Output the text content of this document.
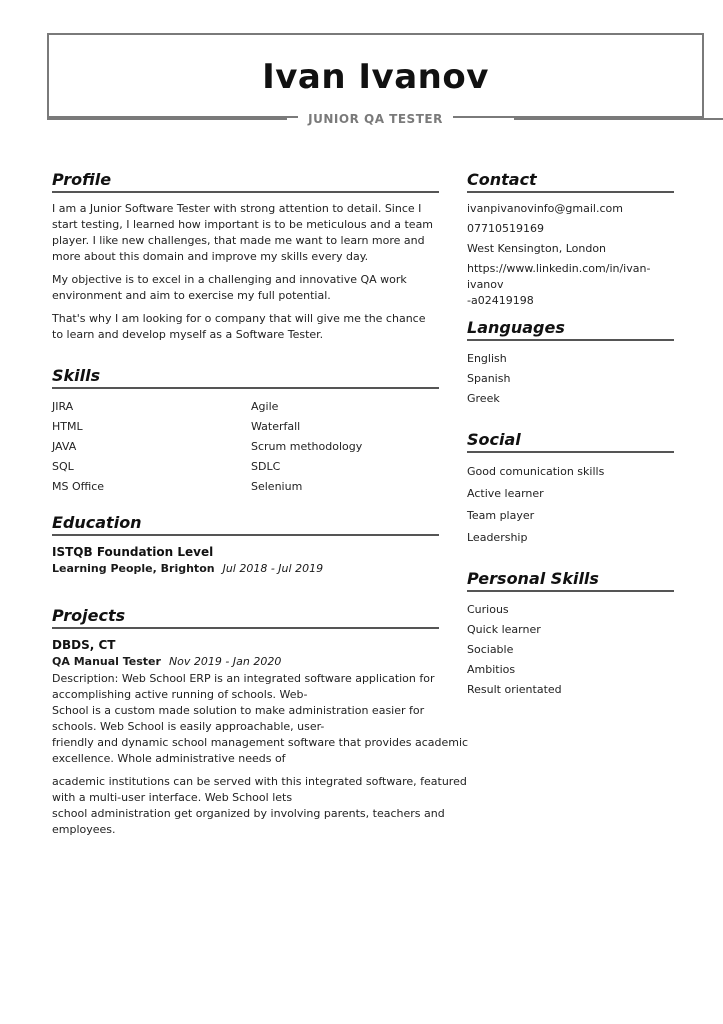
Ivan Ivanov
JUNIOR QA TESTER
Profile

I am a Junior Software Tester with strong attention to detail. Since I start testing, I learned how important is to be meticulous and a team player. I like new challenges, that made me want to learn more and more about this domain and improve my skills every day.

My objective is to excel in a challenging and innovative QA work environment and aim to exercise my full potential.

That's why I am looking for o company that will give me the chance to learn and develop myself as a Software Tester.

Skills
JIRA
HTML
JAVA
SQL
MS Office
Agile
Waterfall
Scrum methodology
SDLC
Selenium
Education
ISTQB Foundation Level
Learning People, Brighton Jul 2018 - Jul 2019
Projects
DBDS, CT
QA Manual Tester Nov 2019 - Jan 2020
Description: Web School ERP is an integrated software application for
accomplishing active running of schools. Web-
School is a custom made solution to make administration easier for
schools. Web School is easily approachable, user-
friendly and dynamic school management software that provides academic
excellence. Whole administrative needs of
academic institutions can be served with this integrated software, featured
with a multi-user interface. Web School lets
school administration get organized by involving parents, teachers and
employees.
Contact
ivanpivanovinfo@gmail.com
07710519169
West Kensington, London
https://www.linkedin.com/in/ivan-ivanov
-a02419198
Languages
English
Spanish
Greek
Social
Good comunication skills
Active learner
Team player
Leadership
Personal Skills
Curious
Quick learner
Sociable
Ambitios
Result orientated
